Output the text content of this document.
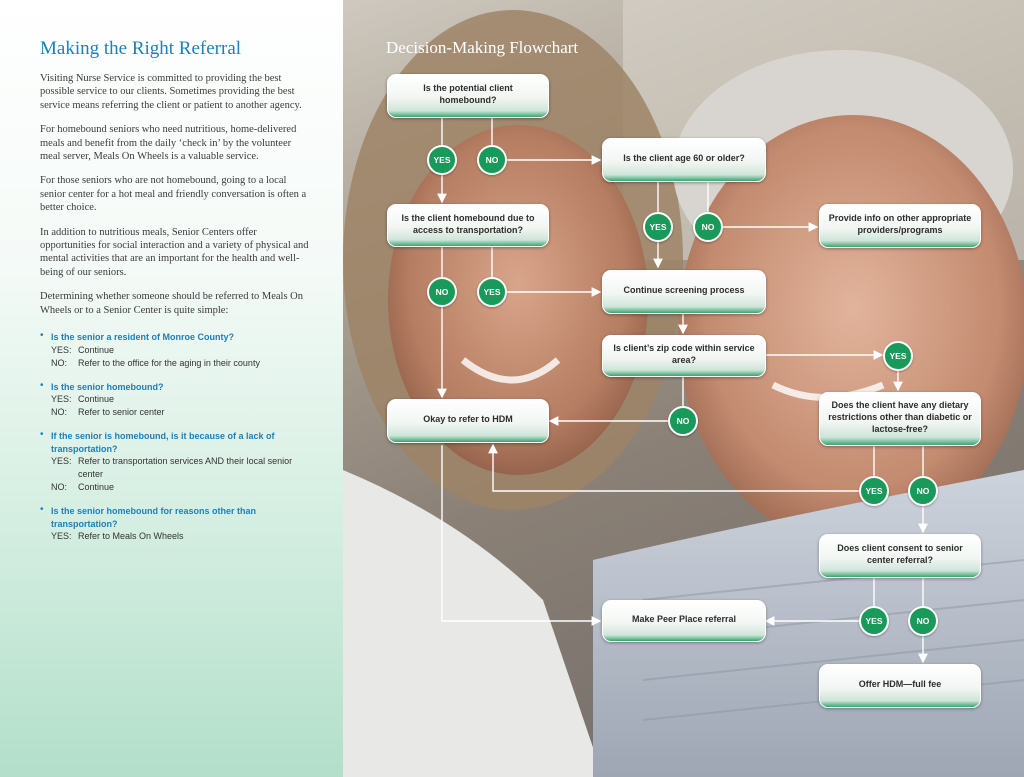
Making the Right Referral

Visiting Nurse Service is committed to providing the best possible service to our clients. Sometimes providing the best service means referring the client or patient to another agency.

For homebound seniors who need nutritious, home-delivered meals and benefit from the daily ‘check in’ by the volunteer meal server, Meals On Wheels is a valuable service.

For those seniors who are not homebound, going to a local senior center for a hot meal and friendly conversation is often a better choice.

In addition to nutritious meals, Senior Centers offer opportunities for social interaction and a variety of physical and mental activities that are an important for the health and well-being of our seniors.

Determining whether someone should be referred to Meals On Wheels or to a Senior Center is quite simple:

• Is the senior a resident of Monroe County?
YES: Continue
NO:	Refer to the office for the aging in their county
• Is the senior homebound?
YES: Continue
NO:	Refer to senior center
• If the senior is homebound, is it because of a lack of transportation?
YES: Refer to transportation services AND their local senior center
NO:	Continue
• Is the senior homebound for reasons other than transportation?
YES: Refer to Meals On Wheels
Decision-Making Flowchart
Is the potential client homebound?
Is the client age 60 or older?
Is the client homebound due to access to transportation?
Provide info on other appropriate providers/programs
Continue screening process
Is client’s zip code within service area?
Okay to refer to HDM
Does the client have any dietary restrictions other than diabetic or lactose-free?
Does client consent to senior center referral?
Make Peer Place referral
Offer HDM—full fee
YES	NO
YES	NO
NO	YES
YES
NO
YES	NO
YES	NO
